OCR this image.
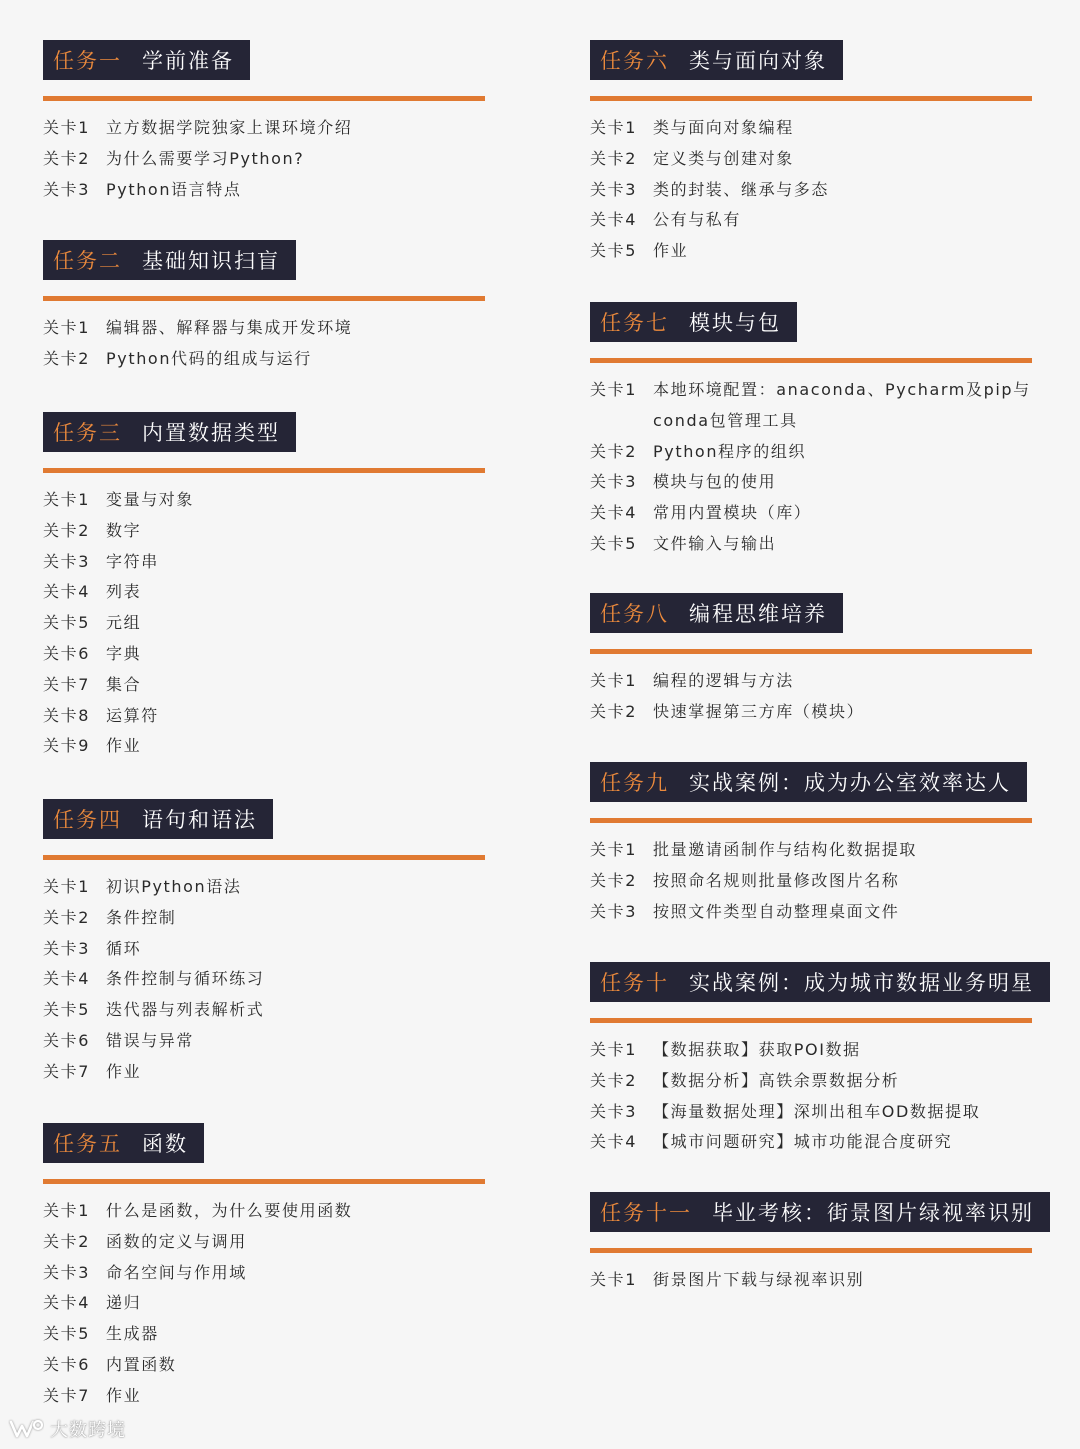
任务一 学前准备
关卡1	立方数据学院独家上课环境介绍
关卡2	为什么需要学习Python?
关卡3	Python语言特点
任务二 基础知识扫盲
关卡1	编辑器、解释器与集成开发环境
关卡2	Python代码的组成与运行
任务三 内置数据类型
关卡1	变量与对象
关卡2	数字
关卡3	字符串
关卡4	列表
关卡5	元组
关卡6	字典
关卡7	集合
关卡8	运算符
关卡9	作业
任务四 语句和语法
关卡1	初识Python语法
关卡2	条件控制
关卡3	循环
关卡4	条件控制与循环练习
关卡5	迭代器与列表解析式
关卡6	错误与异常
关卡7	作业
任务五 函数
关卡1	什么是函数，为什么要使用函数
关卡2	函数的定义与调用
关卡3	命名空间与作用域
关卡4	递归
关卡5	生成器
关卡6	内置函数
关卡7	作业
任务六 类与面向对象
关卡1	类与面向对象编程
关卡2	定义类与创建对象
关卡3	类的封装、继承与多态
关卡4	公有与私有
关卡5	作业
任务七 模块与包
关卡1	本地环境配置：anaconda、Pycharm及pip与 conda包管理工具
关卡2	Python程序的组织
关卡3	模块与包的使用
关卡4	常用内置模块（库）
关卡5	文件输入与输出
任务八 编程思维培养
关卡1	编程的逻辑与方法
关卡2	快速掌握第三方库（模块）
任务九 实战案例：成为办公室效率达人
关卡1	批量邀请函制作与结构化数据提取
关卡2	按照命名规则批量修改图片名称
关卡3	按照文件类型自动整理桌面文件
任务十 实战案例：成为城市数据业务明星
关卡1	【数据获取】获取POI数据
关卡2	【数据分析】高铁余票数据分析
关卡3	【海量数据处理】深圳出租车OD数据提取
关卡4	【城市问题研究】城市功能混合度研究
任务十一 毕业考核：街景图片绿视率识别
关卡1	街景图片下载与绿视率识别
大数跨境
